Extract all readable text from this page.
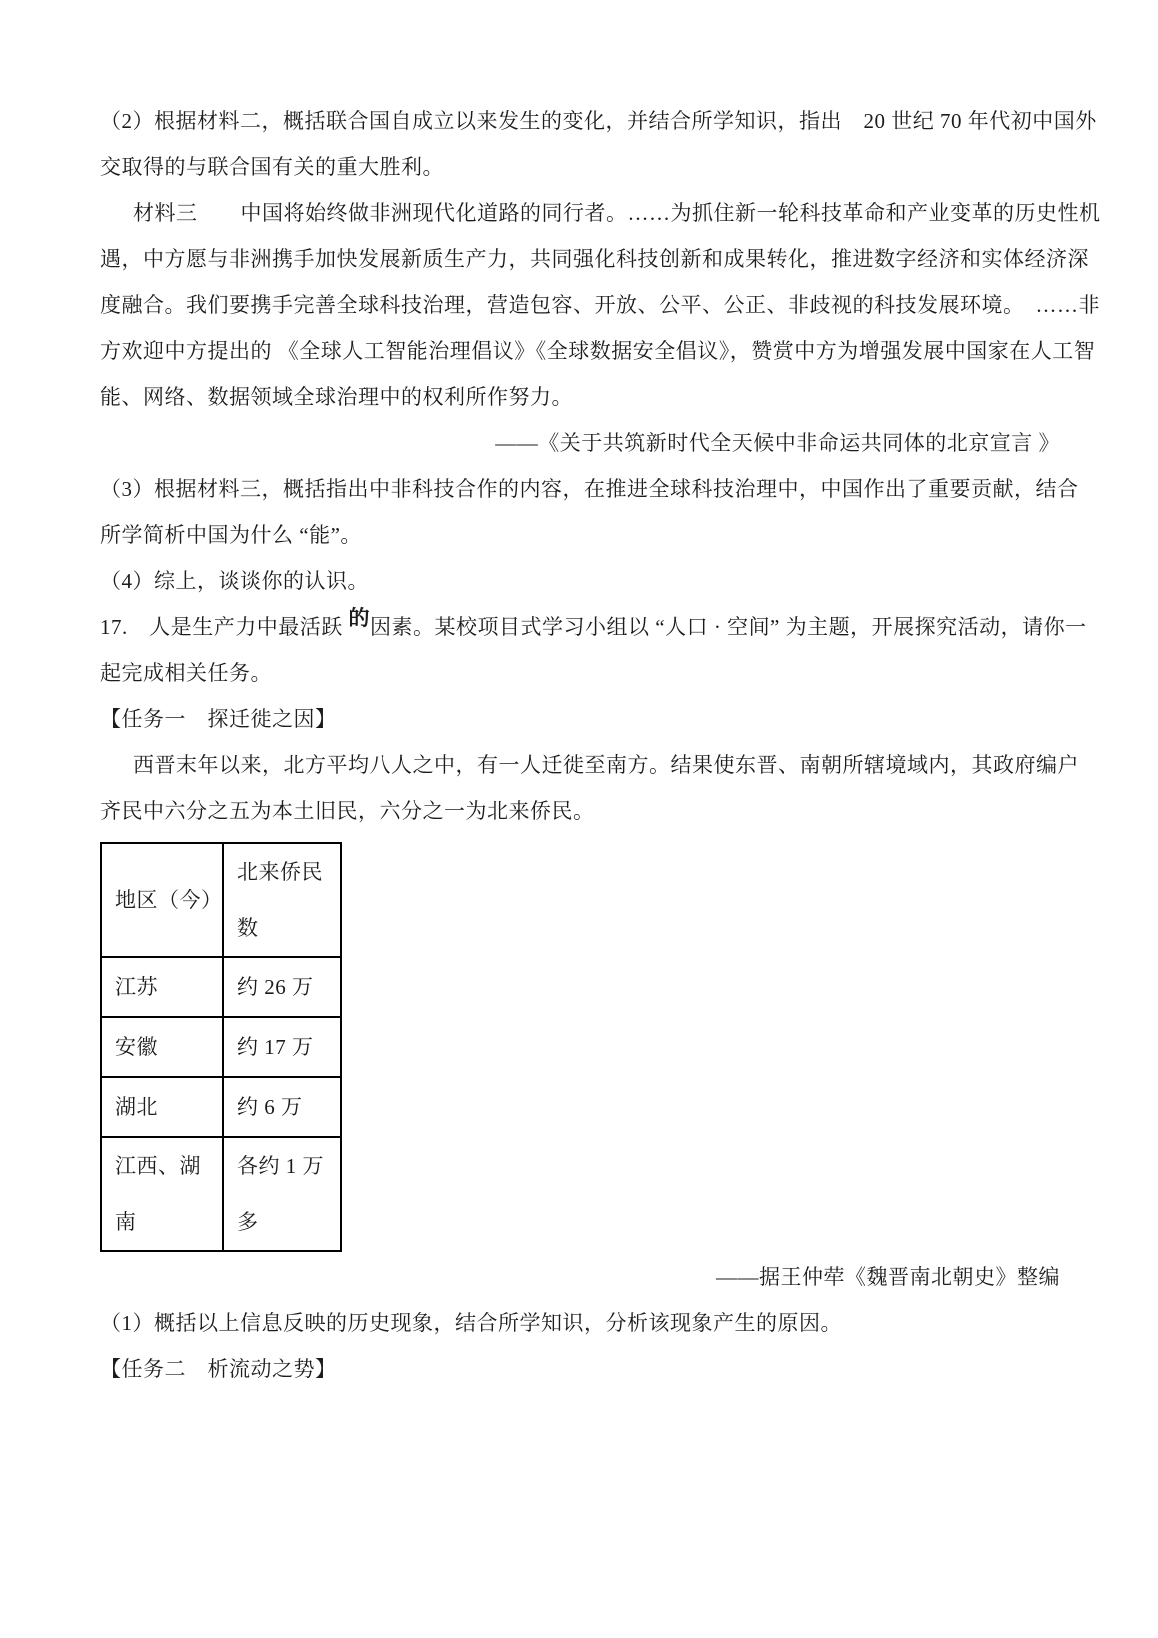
（2）根据材料二，概括联合国自成立以来发生的变化，并结合所学知识，指出　20 世纪 70 年代初中国外
交取得的与联合国有关的重大胜利。
材料三　　中国将始终做非洲现代化道路的同行者。……为抓住新一轮科技革命和产业变革的历史性机
遇，中方愿与非洲携手加快发展新质生产力，共同强化科技创新和成果转化，推进数字经济和实体经济深
度融合。我们要携手完善全球科技治理，营造包容、开放、公平、公正、非歧视的科技发展环境。　……非
方欢迎中方提出的 《全球人工智能治理倡议》《全球数据安全倡议》，赞赏中方为增强发展中国家在人工智
能、网络、数据领域全球治理中的权利所作努力。
——《关于共筑新时代全天候中非命运共同体的北京宣言 》
（3）根据材料三，概括指出中非科技合作的内容，在推进全球科技治理中，中国作出了重要贡献，结合
所学简析中国为什么 “能”。
（4）综上，谈谈你的认识。
17.　人是生产力中最活跃 的因素。某校项目式学习小组以 “人口 · 空间” 为主题，开展探究活动，请你一
起完成相关任务。
【任务一　探迁徙之因】
西晋末年以来，北方平均八人之中，有一人迁徙至南方。结果使东晋、南朝所辖境域内，其政府编户
齐民中六分之五为本土旧民，六分之一为北来侨民。
地区（今）	北来侨民数
江苏	约 26 万
安徽	约 17 万
湖北	约 6 万
江西、湖南	各约 1 万多
——据王仲荦《魏晋南北朝史》整编
（1）概括以上信息反映的历史现象，结合所学知识，分析该现象产生的原因。
【任务二　析流动之势】
